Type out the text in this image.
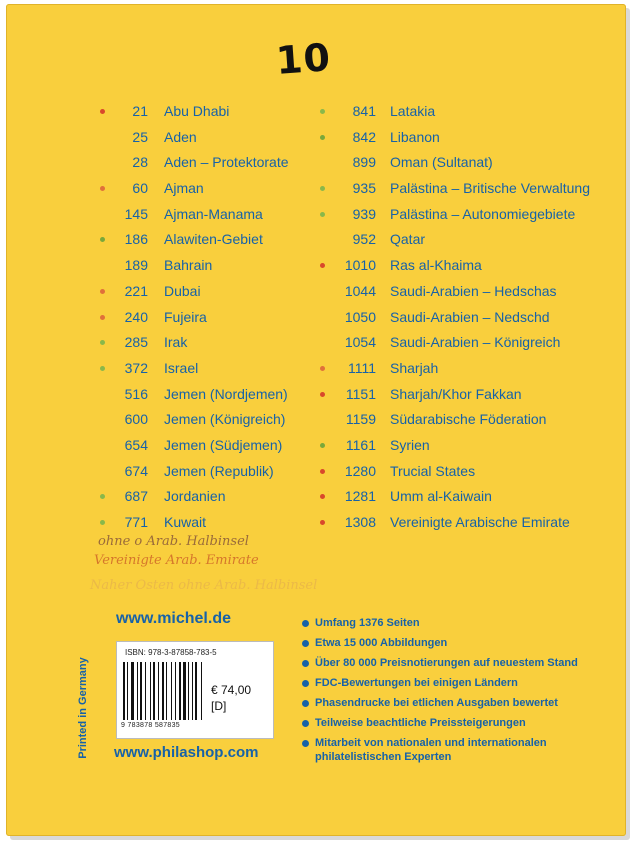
10
21 Abu Dhabi
25 Aden
28 Aden – Protektorate
60 Ajman
145 Ajman-Manama
186 Alawiten-Gebiet
189 Bahrain
221 Dubai
240 Fujeira
285 Irak
372 Israel
516 Jemen (Nordjemen)
600 Jemen (Königreich)
654 Jemen (Südjemen)
674 Jemen (Republik)
687 Jordanien
771 Kuwait
841 Latakia
842 Libanon
899 Oman (Sultanat)
935 Palästina – Britische Verwaltung
939 Palästina – Autonomiegebiete
952 Qatar
1010 Ras al-Khaima
1044 Saudi-Arabien – Hedschas
1050 Saudi-Arabien – Nedschd
1054 Saudi-Arabien – Königreich
1111 Sharjah
1151 Sharjah/Khor Fakkan
1159 Südarabische Föderation
1161 Syrien
1280 Trucial States
1281 Umm al-Kaiwain
1308 Vereinigte Arabische Emirate
ohne o Arab. Halbinsel
Vereinigte Arab. Emirate
Naher Osten ohne Arab. Halbinsel
Printed in Germany
www.michel.de
ISBN: 978-3-87858-783-5
9 783878 587835
€ 74,00
[D]
www.philashop.com
Umfang 1376 Seiten
Etwa 15 000 Abbildungen
Über 80 000 Preisnotierungen auf neuestem Stand
FDC-Bewertungen bei einigen Ländern
Phasendrucke bei etlichen Ausgaben bewertet
Teilweise beachtliche Preissteigerungen
Mitarbeit von nationalen und internationalen philatelistischen Experten
